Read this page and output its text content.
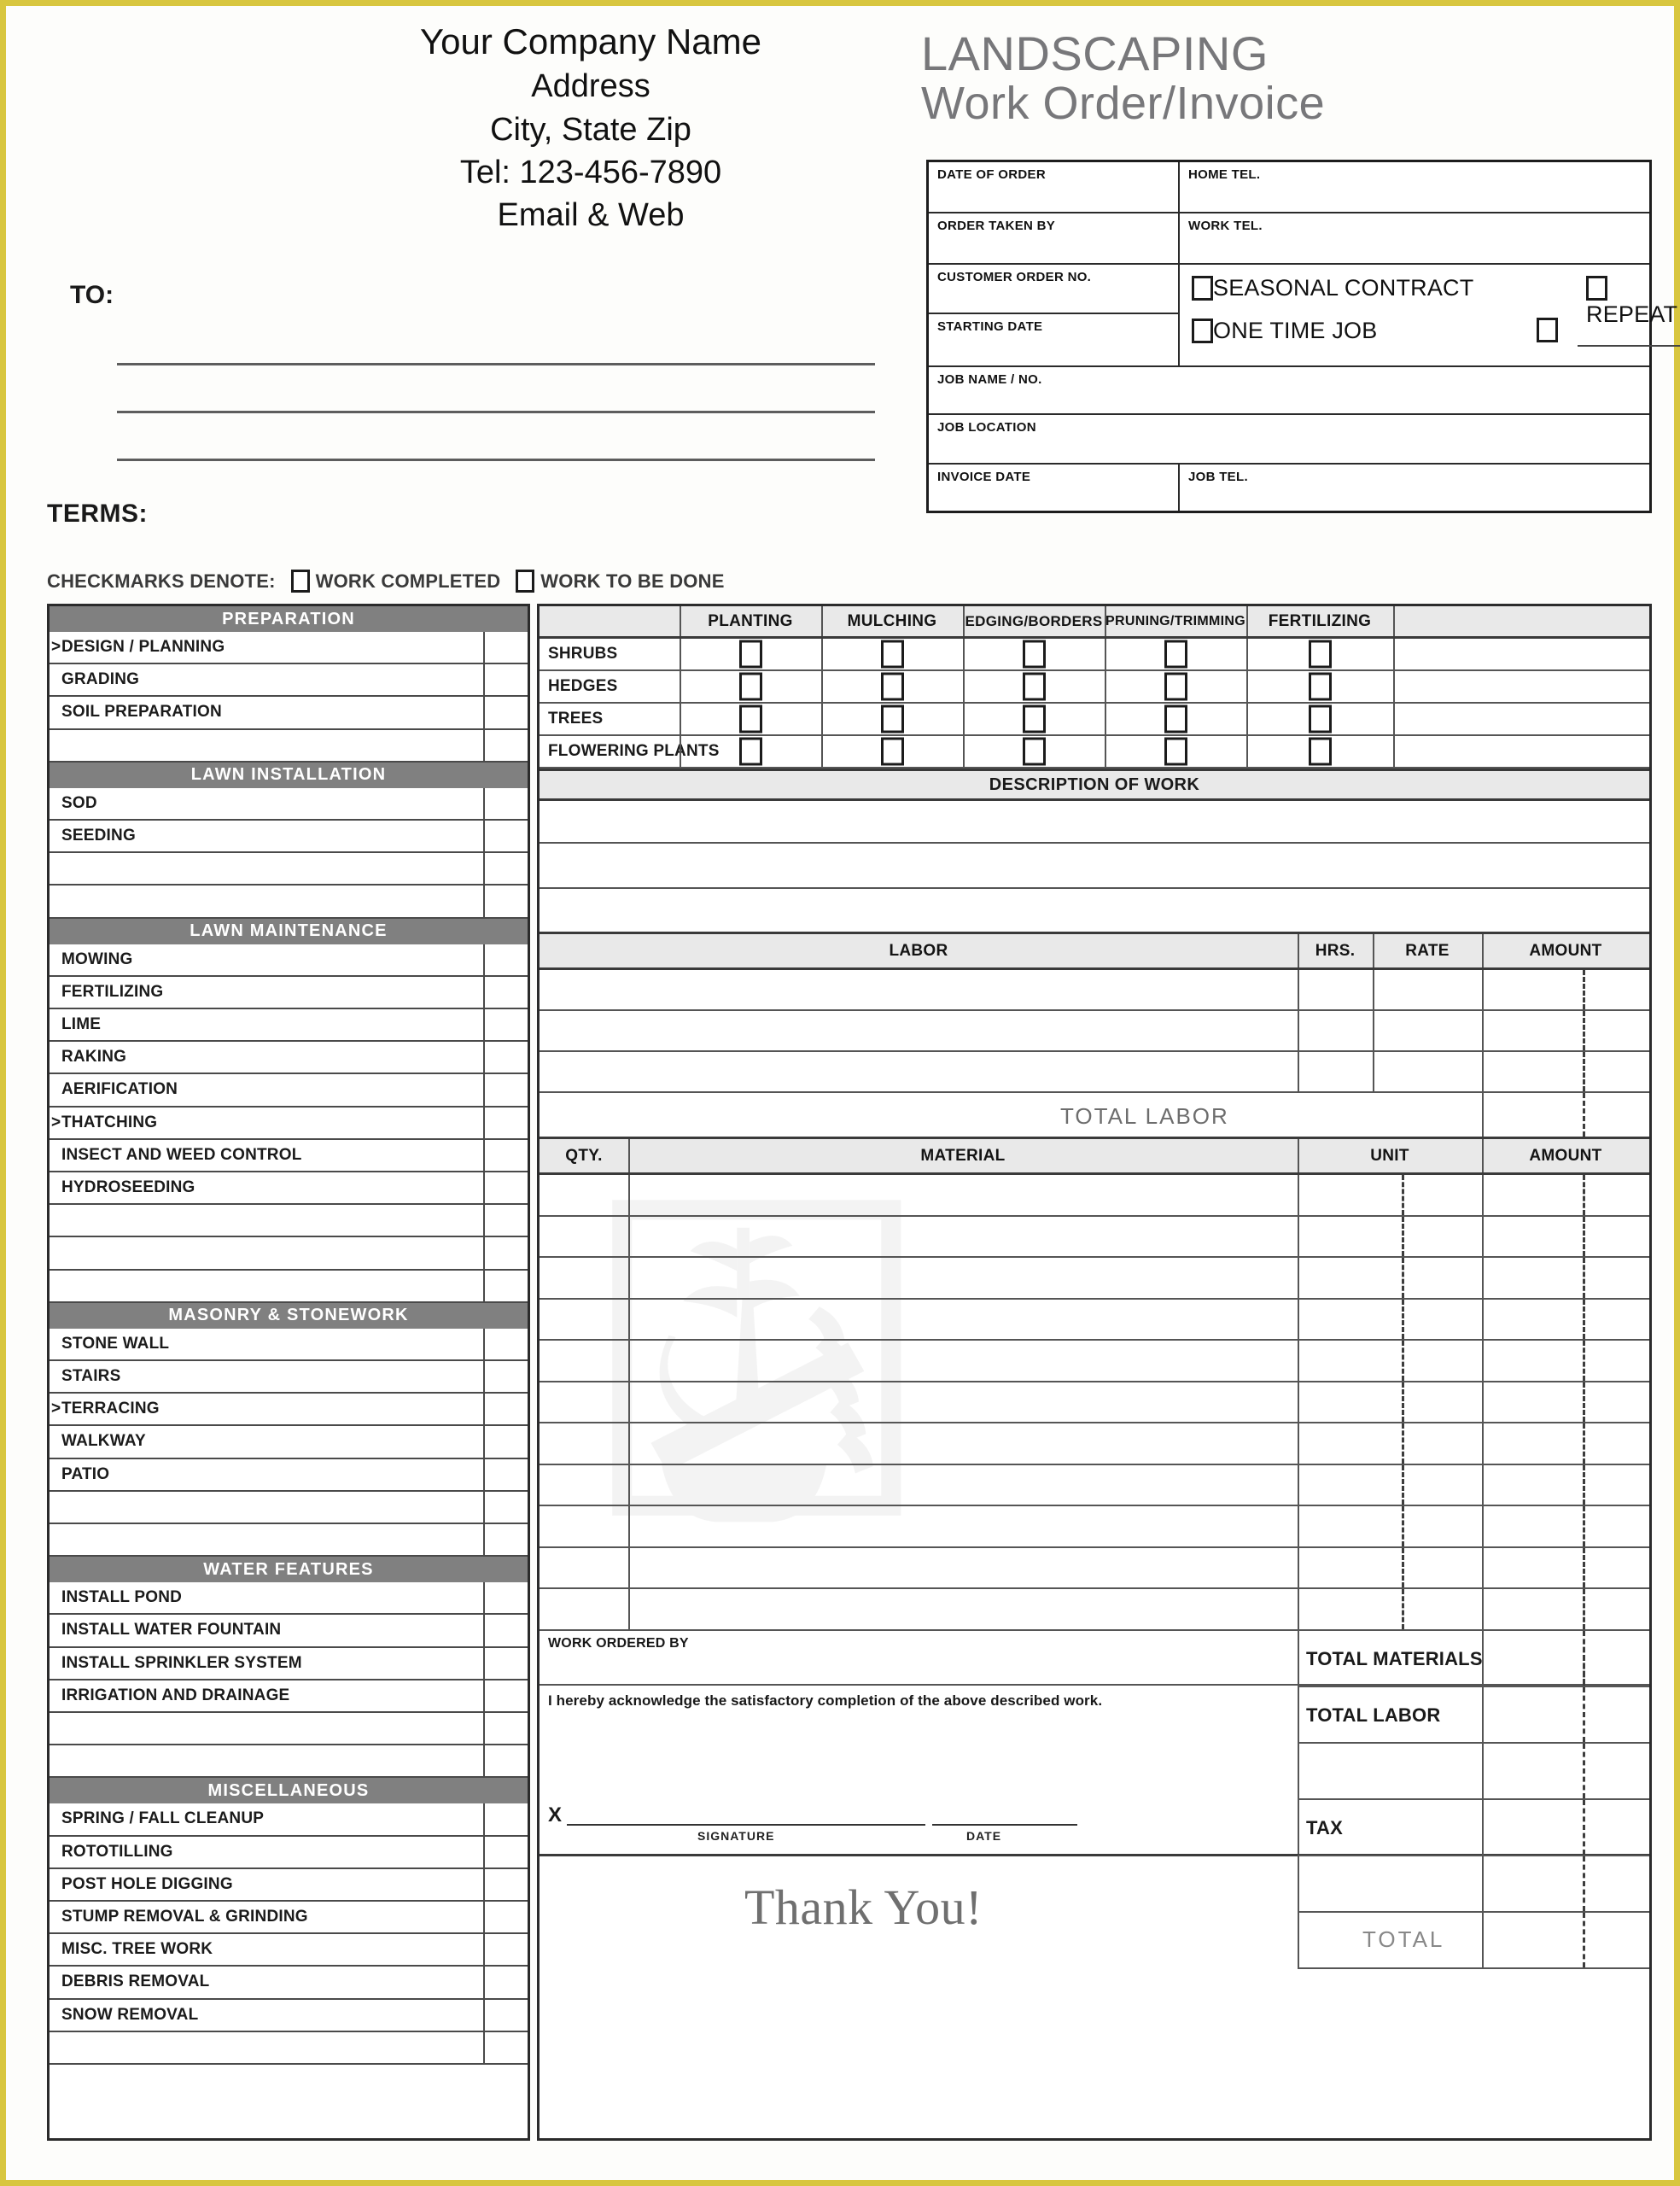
Your Company Name
Address
City, State Zip
Tel: 123-456-7890
Email & Web
LANDSCAPING
Work Order/Invoice
DATE OF ORDER	HOME TEL.
ORDER TAKEN BY	WORK TEL.
CUSTOMER ORDER NO.
STARTING DATE
SEASONAL CONTRACT
REPEAT
ONE TIME JOB
JOB NAME / NO.
JOB LOCATION
INVOICE DATE	JOB TEL.
TO:
TERMS:
CHECKMARKS DENOTE: WORK COMPLETED WORK TO BE DONE
PREPARATION
> DESIGN / PLANNING
GRADING
SOIL PREPARATION
LAWN INSTALLATION
SOD
SEEDING
LAWN MAINTENANCE
MOWING
FERTILIZING
LIME
RAKING
AERIFICATION
> THATCHING
INSECT AND WEED CONTROL
HYDROSEEDING
MASONRY & STONEWORK
STONE WALL
STAIRS
> TERRACING
WALKWAY
PATIO
WATER FEATURES
INSTALL POND
INSTALL WATER FOUNTAIN
INSTALL SPRINKLER SYSTEM
IRRIGATION AND DRAINAGE
MISCELLANEOUS
SPRING / FALL CLEANUP
ROTOTILLING
POST HOLE DIGGING
STUMP REMOVAL & GRINDING
MISC. TREE WORK
DEBRIS REMOVAL
SNOW REMOVAL
PLANTING	MULCHING	EDGING/BORDERS PRUNING/TRIMMING	FERTILIZING
SHRUBS
HEDGES
TREES
FLOWERING PLANTS
DESCRIPTION OF WORK
LABOR	HRS.	RATE	AMOUNT
TOTAL LABOR
QTY.	MATERIAL	UNIT	AMOUNT
WORK ORDERED BY
I hereby acknowledge the satisfactory completion of the above described work.
X
SIGNATURE	DATE
Thank You!
TOTAL MATERIALS
TOTAL LABOR
TAX
TOTAL
